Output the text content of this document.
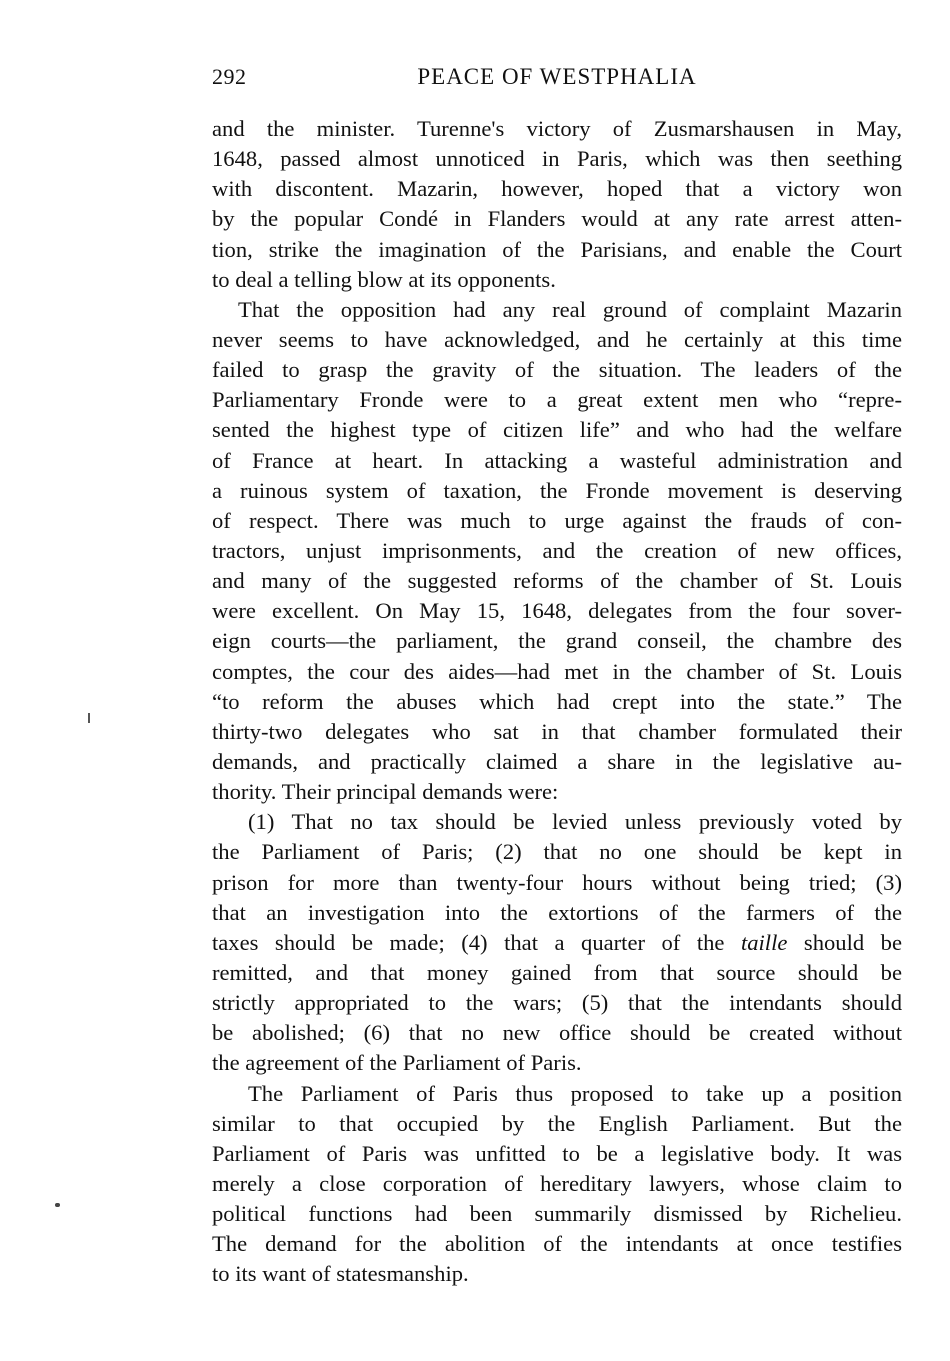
292	PEACE OF WESTPHALIA

and the minister. Turenne's victory of Zusmarshausen in May,
1648, passed almost unnoticed in Paris, which was then seething
with discontent. Mazarin, however, hoped that a victory won
by the popular Condé in Flanders would at any rate arrest atten-
tion, strike the imagination of the Parisians, and enable the Court
to deal a telling blow at its opponents.

That the opposition had any real ground of complaint Mazarin
never seems to have acknowledged, and he certainly at this time
failed to grasp the gravity of the situation. The leaders of the
Parliamentary Fronde were to a great extent men who “repre-
sented the highest type of citizen life” and who had the welfare
of France at heart. In attacking a wasteful administration and
a ruinous system of taxation, the Fronde movement is deserving
of respect. There was much to urge against the frauds of con-
tractors, unjust imprisonments, and the creation of new offices,
and many of the suggested reforms of the chamber of St. Louis
were excellent. On May 15, 1648, delegates from the four sover-
eign courts—the parliament, the grand conseil, the chambre des
comptes, the cour des aides—had met in the chamber of St. Louis
“to reform the abuses which had crept into the state.” The
thirty-two delegates who sat in that chamber formulated their
demands, and practically claimed a share in the legislative au-
thority. Their principal demands were:

(1) That no tax should be levied unless previously voted by
the Parliament of Paris; (2) that no one should be kept in
prison for more than twenty-four hours without being tried; (3)
that an investigation into the extortions of the farmers of the
taxes should be made; (4) that a quarter of the taille should be
remitted, and that money gained from that source should be
strictly appropriated to the wars; (5) that the intendants should
be abolished; (6) that no new office should be created without
the agreement of the Parliament of Paris.

The Parliament of Paris thus proposed to take up a position
similar to that occupied by the English Parliament. But the
Parliament of Paris was unfitted to be a legislative body. It was
merely a close corporation of hereditary lawyers, whose claim to
political functions had been summarily dismissed by Richelieu.
The demand for the abolition of the intendants at once testifies
to its want of statesmanship.
